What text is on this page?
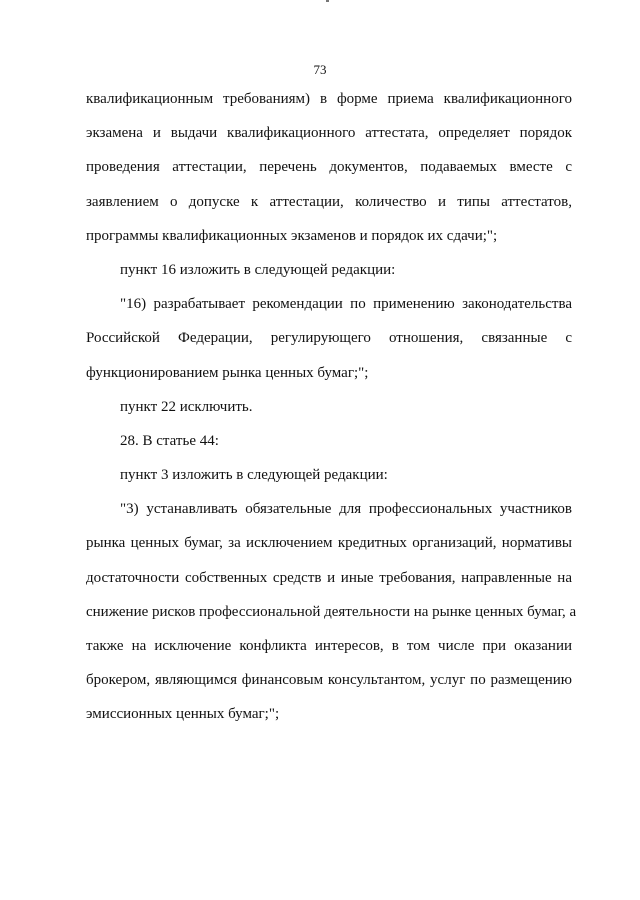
73
квалификационным требованиям) в форме приема квалификационного
экзамена и выдачи квалификационного аттестата, определяет порядок
проведения аттестации, перечень документов, подаваемых вместе с
заявлением о допуске к аттестации, количество и типы аттестатов,
программы квалификационных экзаменов и порядок их сдачи;";
пункт 16 изложить в следующей редакции:
"16) разрабатывает рекомендации по применению законодательства
Российской Федерации, регулирующего отношения, связанные с
функционированием рынка ценных бумаг;";
пункт 22 исключить.
28. В статье 44:
пункт 3 изложить в следующей редакции:
"3) устанавливать обязательные для профессиональных участников
рынка ценных бумаг, за исключением кредитных организаций, нормативы
достаточности собственных средств и иные требования, направленные на
снижение рисков профессиональной деятельности на рынке ценных бумаг, а
также на исключение конфликта интересов, в том числе при оказании
брокером, являющимся финансовым консультантом, услуг по размещению
эмиссионных ценных бумаг;";
